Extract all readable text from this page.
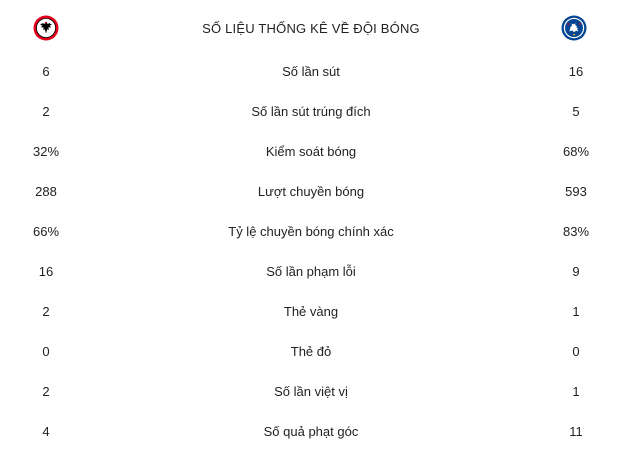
SỐ LIỆU THỐNG KÊ VỀ ĐỘI BÓNG
6	Số lần sút	16
2	Số lần sút trúng đích	5
32%	Kiểm soát bóng	68%
288	Lượt chuyền bóng	593
66%	Tỷ lệ chuyền bóng chính xác	83%
16	Số lần phạm lỗi	9
2	Thẻ vàng	1
0	Thẻ đỏ	0
2	Số lần việt vị	1
4	Số quả phạt góc	11
